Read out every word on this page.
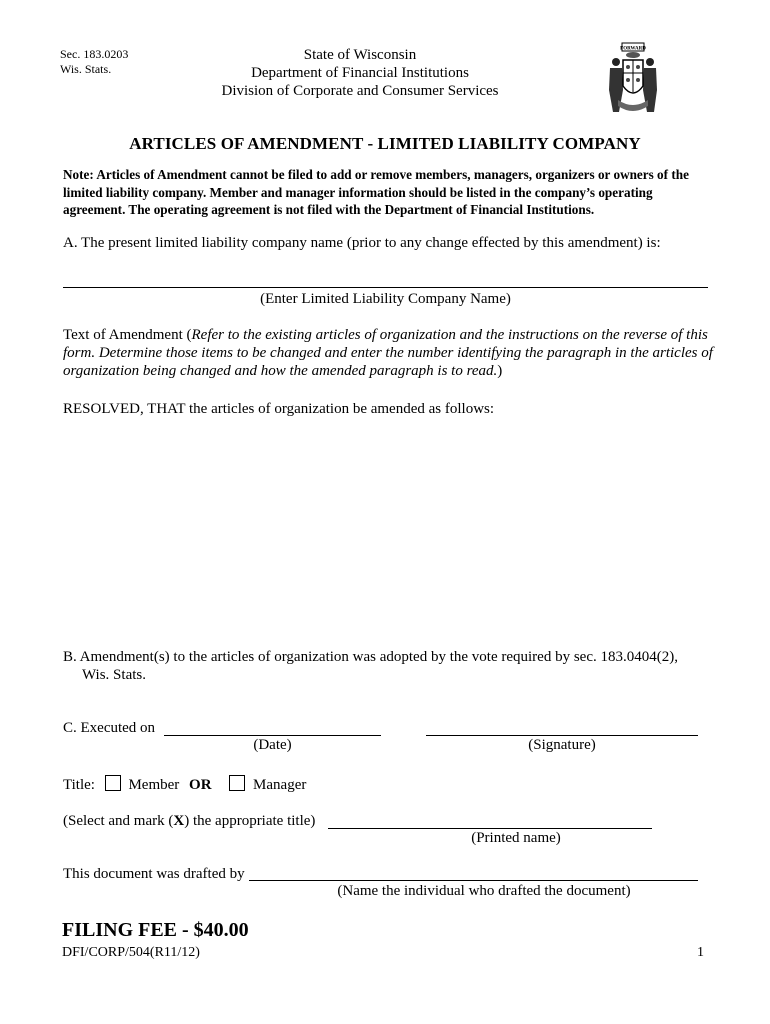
Sec. 183.0203
Wis. Stats.
State of Wisconsin
Department of Financial Institutions
Division of Corporate and Consumer Services
FORWARD
ARTICLES OF AMENDMENT - LIMITED LIABILITY COMPANY
Note: Articles of Amendment cannot be filed to add or remove members, managers, organizers or owners of the limited liability company. Member and manager information should be listed in the company’s operating agreement. The operating agreement is not filed with the Department of Financial Institutions.
A. The present limited liability company name (prior to any change effected by this amendment) is:
(Enter Limited Liability Company Name)
Text of Amendment (Refer to the existing articles of organization and the instructions on the reverse of this form. Determine those items to be changed and enter the number identifying the paragraph in the articles of organization being changed and how the amended paragraph is to read.)
RESOLVED, THAT the articles of organization be amended as follows:
B. Amendment(s) to the articles of organization was adopted by the vote required by sec. 183.0404(2),
Wis. Stats.
C. Executed on
(Date)	(Signature)
Title: Member OR	Manager
(Select and mark (X) the appropriate title)
(Printed name)
This document was drafted by
(Name the individual who drafted the document)
FILING FEE - $40.00
DFI/CORP/504(R11/12)	1
